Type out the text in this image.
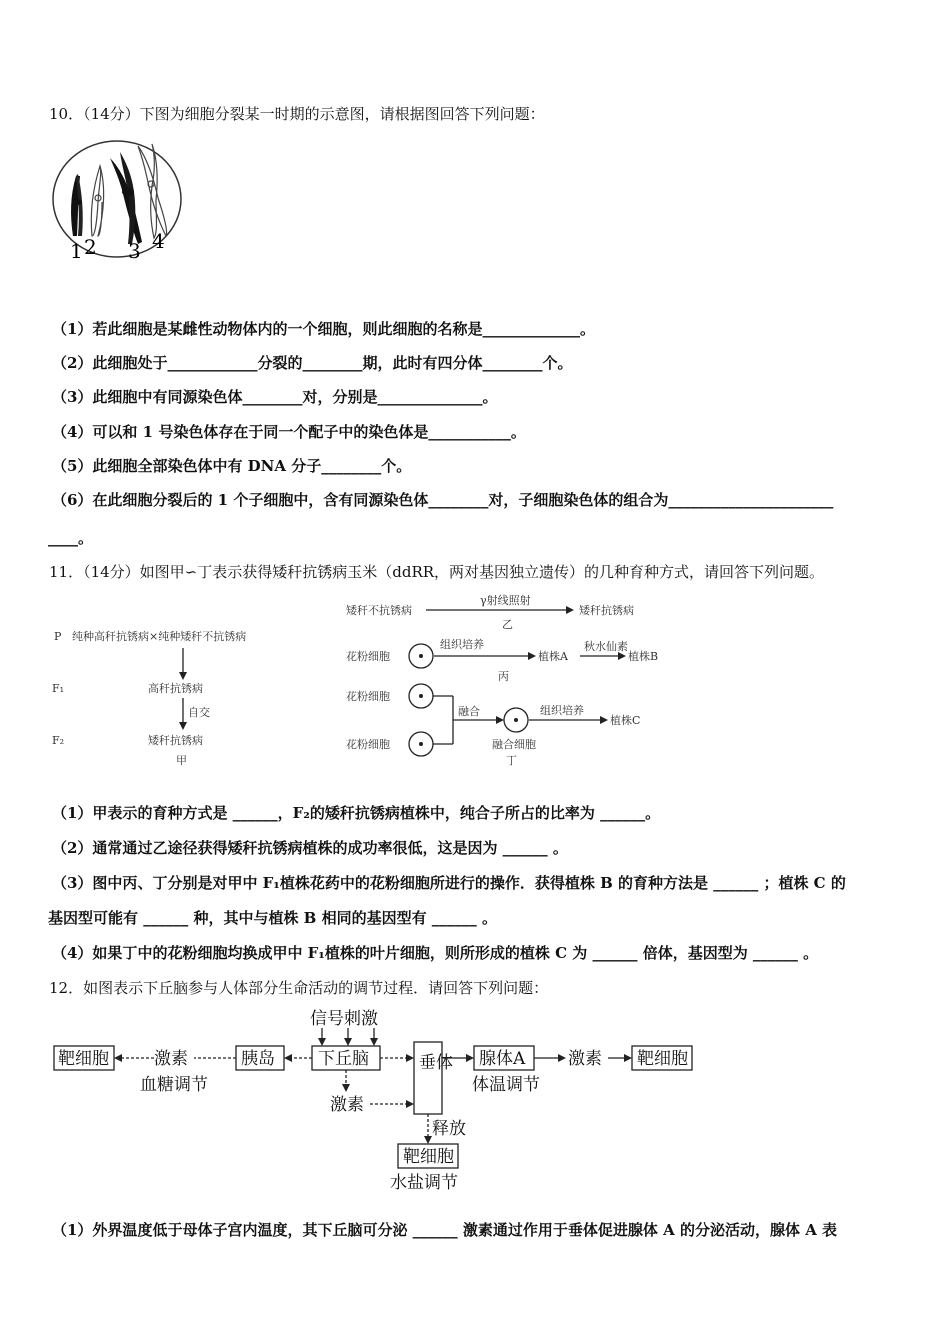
10．（14分）下图为细胞分裂某一时期的示意图，请根据图回答下列问题：
1 2 3 4
（1）若此细胞是某雌性动物体内的一个细胞，则此细胞的名称是_____________。
（2）此细胞处于____________分裂的________期，此时有四分体________个。
（3）此细胞中有同源染色体________对，分别是______________。
（4）可以和 1 号染色体存在于同一个配子中的染色体是___________。
（5）此细胞全部染色体中有 DNA 分子________个。
（6）在此细胞分裂后的 1 个子细胞中，含有同源染色体________对，子细胞染色体的组合为______________________
____。
11．（14分）如图甲∽丁表示获得矮秆抗锈病玉米（ddRR，两对基因独立遗传）的几种育种方式，请回答下列问题。
P 纯种高秆抗锈病×纯种矮秆不抗锈病
F₁	高秆抗锈病
自交
F₂	矮秆抗锈病
甲
矮秆不抗锈病
γ射线照射
矮秆抗锈病
乙
花粉细胞
组织培养
植株A
秋水仙素
植株B
丙
花粉细胞
花粉细胞
融合	组织培养
植株C
融合细胞
丁
（1）甲表示的育种方式是 ______，F₂的矮秆抗锈病植株中，纯合子所占的比率为 ______。
（2）通常通过乙途径获得矮秆抗锈病植株的成功率很低，这是因为 ______ 。
（3）图中丙、丁分别是对甲中 F₁植株花药中的花粉细胞所进行的操作．获得植株 B 的育种方法是 ______ ；植株 C 的
基因型可能有 ______ 种，其中与植株 B 相同的基因型有 ______ 。
（4）如果丁中的花粉细胞均换成甲中 F₁植株的叶片细胞，则所形成的植株 C 为 ______ 倍体，基因型为 ______ 。
12．如图表示下丘脑参与人体部分生命活动的调节过程．请回答下列问题：
信号刺激
下丘脑
胰岛
激素
靶细胞
血糖调节
垂体
激素
腺体A
体温调节
激素 靶细胞
释放
靶细胞
水盐调节
（1）外界温度低于母体子宫内温度，其下丘脑可分泌 ______ 激素通过作用于垂体促进腺体 A 的分泌活动，腺体 A 表
